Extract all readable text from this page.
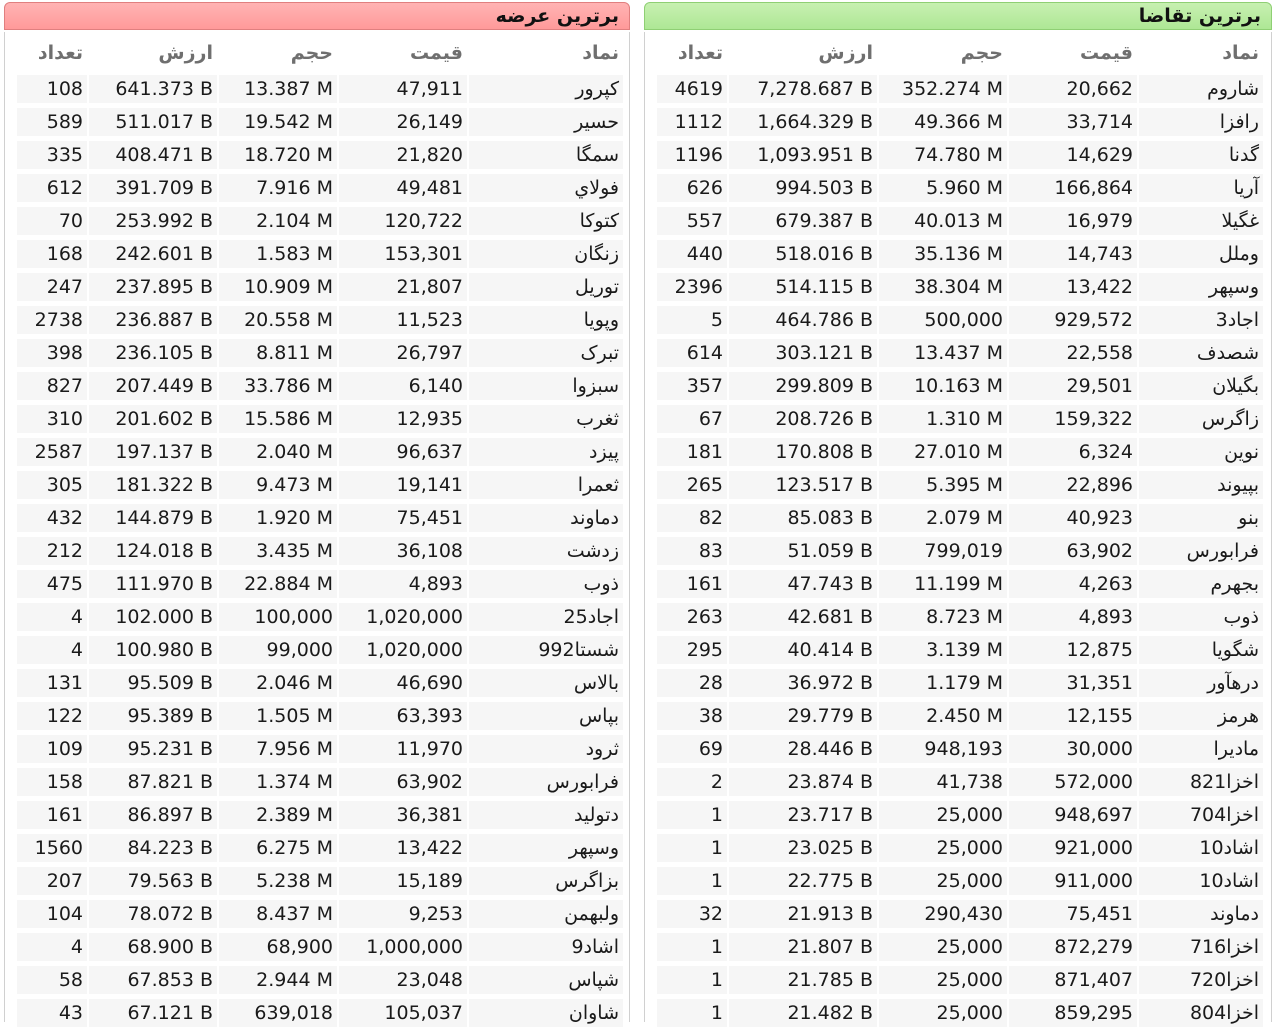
برترین عرضه
نماد
قیمت
حجم
ارزش
تعداد
کپرور
47,911
13.387 M
641.373 B
108
حسیر
26,149
19.542 M
511.017 B
589
سمگا
21,820
18.720 M
408.471 B
335
فولاي
49,481
7.916 M
391.709 B
612
کتوکا
120,722
2.104 M
253.992 B
70
زنگان
153,301
1.583 M
242.601 B
168
توریل
21,807
10.909 M
237.895 B
247
وپویا
11,523
20.558 M
236.887 B
2738
تبرک
26,797
8.811 M
236.105 B
398
سبزوا
6,140
33.786 M
207.449 B
827
ثغرب
12,935
15.586 M
201.602 B
310
پیزد
96,637
2.040 M
197.137 B
2587
ثعمرا
19,141
9.473 M
181.322 B
305
دماوند
75,451
1.920 M
144.879 B
432
زدشت
36,108
3.435 M
124.018 B
212
ذوب
4,893
22.884 M
111.970 B
475
اجاد25
1,020,000
100,000
102.000 B
4
شستا992
1,020,000
99,000
100.980 B
4
بالاس
46,690
2.046 M
95.509 B
131
بپاس
63,393
1.505 M
95.389 B
122
ثرود
11,970
7.956 M
95.231 B
109
فرابورس
63,902
1.374 M
87.821 B
158
دتولید
36,381
2.389 M
86.897 B
161
وسپهر
13,422
6.275 M
84.223 B
1560
بزاگرس
15,189
5.238 M
79.563 B
207
ولبهمن
9,253
8.437 M
78.072 B
104
اشاد9
1,000,000
68,900
68.900 B
4
شپاس
23,048
2.944 M
67.853 B
58
شاوان
105,037
639,018
67.121 B
43
برترین تقاضا
نماد
قیمت
حجم
ارزش
تعداد
شاروم
20,662
352.274 M
7,278.687 B
4619
رافزا
33,714
49.366 M
1,664.329 B
1112
گدنا
14,629
74.780 M
1,093.951 B
1196
آریا
166,864
5.960 M
994.503 B
626
غگیلا
16,979
40.013 M
679.387 B
557
وملل
14,743
35.136 M
518.016 B
440
وسپهر
13,422
38.304 M
514.115 B
2396
اجاد3
929,572
500,000
464.786 B
5
شصدف
22,558
13.437 M
303.121 B
614
بگیلان
29,501
10.163 M
299.809 B
357
زاگرس
159,322
1.310 M
208.726 B
67
نوین
6,324
27.010 M
170.808 B
181
بپیوند
22,896
5.395 M
123.517 B
265
بنو
40,923
2.079 M
85.083 B
82
فرابورس
63,902
799,019
51.059 B
83
بجهرم
4,263
11.199 M
47.743 B
161
ذوب
4,893
8.723 M
42.681 B
263
شگویا
12,875
3.139 M
40.414 B
295
درهآور
31,351
1.179 M
36.972 B
28
هرمز
12,155
2.450 M
29.779 B
38
مادیرا
30,000
948,193
28.446 B
69
اخزا821
572,000
41,738
23.874 B
2
اخزا704
948,697
25,000
23.717 B
1
اشاد10
921,000
25,000
23.025 B
1
اشاد10
911,000
25,000
22.775 B
1
دماوند
75,451
290,430
21.913 B
32
اخزا716
872,279
25,000
21.807 B
1
اخزا720
871,407
25,000
21.785 B
1
اخزا804
859,295
25,000
21.482 B
1
